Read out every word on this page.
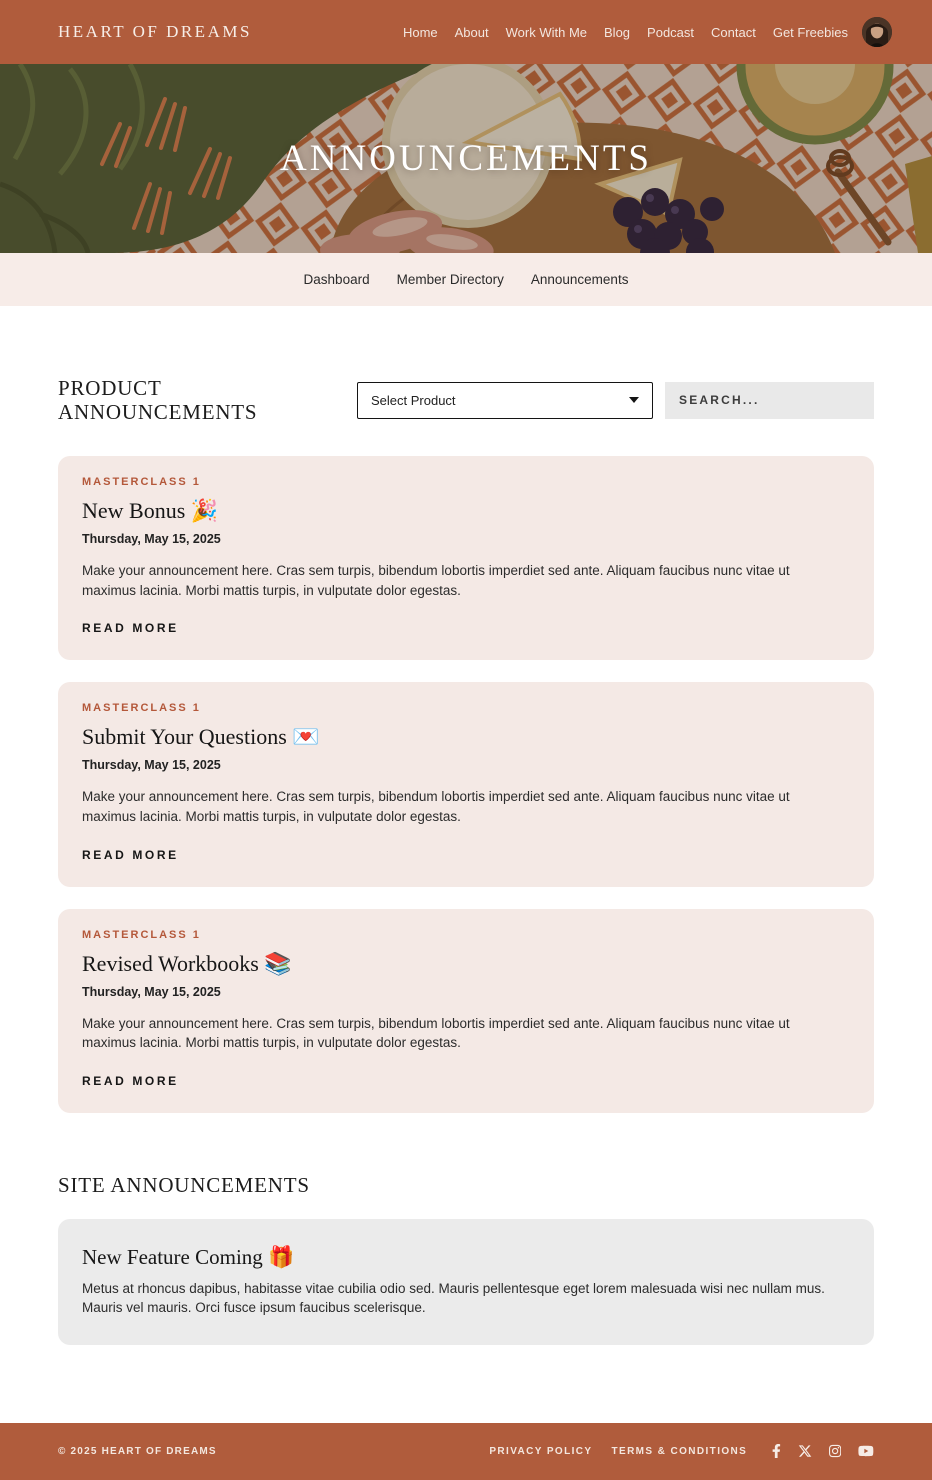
HEART OF DREAMS	Home About Work With Me Blog Podcast Contact Get Freebies
ANNOUNCEMENTS
Dashboard Member Directory Announcements
PRODUCT ANNOUNCEMENTS	Select Product
SEARCH...
MASTERCLASS 1
New Bonus 🎉
Thursday, May 15, 2025

Make your announcement here. Cras sem turpis, bibendum lobortis imperdiet sed ante. Aliquam faucibus nunc vitae ut maximus lacinia. Morbi mattis turpis, in vulputate dolor egestas.

READ MORE
MASTERCLASS 1
Submit Your Questions 💌
Thursday, May 15, 2025

Make your announcement here. Cras sem turpis, bibendum lobortis imperdiet sed ante. Aliquam faucibus nunc vitae ut maximus lacinia. Morbi mattis turpis, in vulputate dolor egestas.

READ MORE
MASTERCLASS 1
Revised Workbooks 📚
Thursday, May 15, 2025

Make your announcement here. Cras sem turpis, bibendum lobortis imperdiet sed ante. Aliquam faucibus nunc vitae ut maximus lacinia. Morbi mattis turpis, in vulputate dolor egestas.

READ MORE
SITE ANNOUNCEMENTS
New Feature Coming 🎁

Metus at rhoncus dapibus, habitasse vitae cubilia odio sed. Mauris pellentesque eget lorem malesuada wisi nec nullam mus. Mauris vel mauris. Orci fusce ipsum faucibus scelerisque.

© 2025 HEART OF DREAMS	PRIVACY POLICY TERMS & CONDITIONS
